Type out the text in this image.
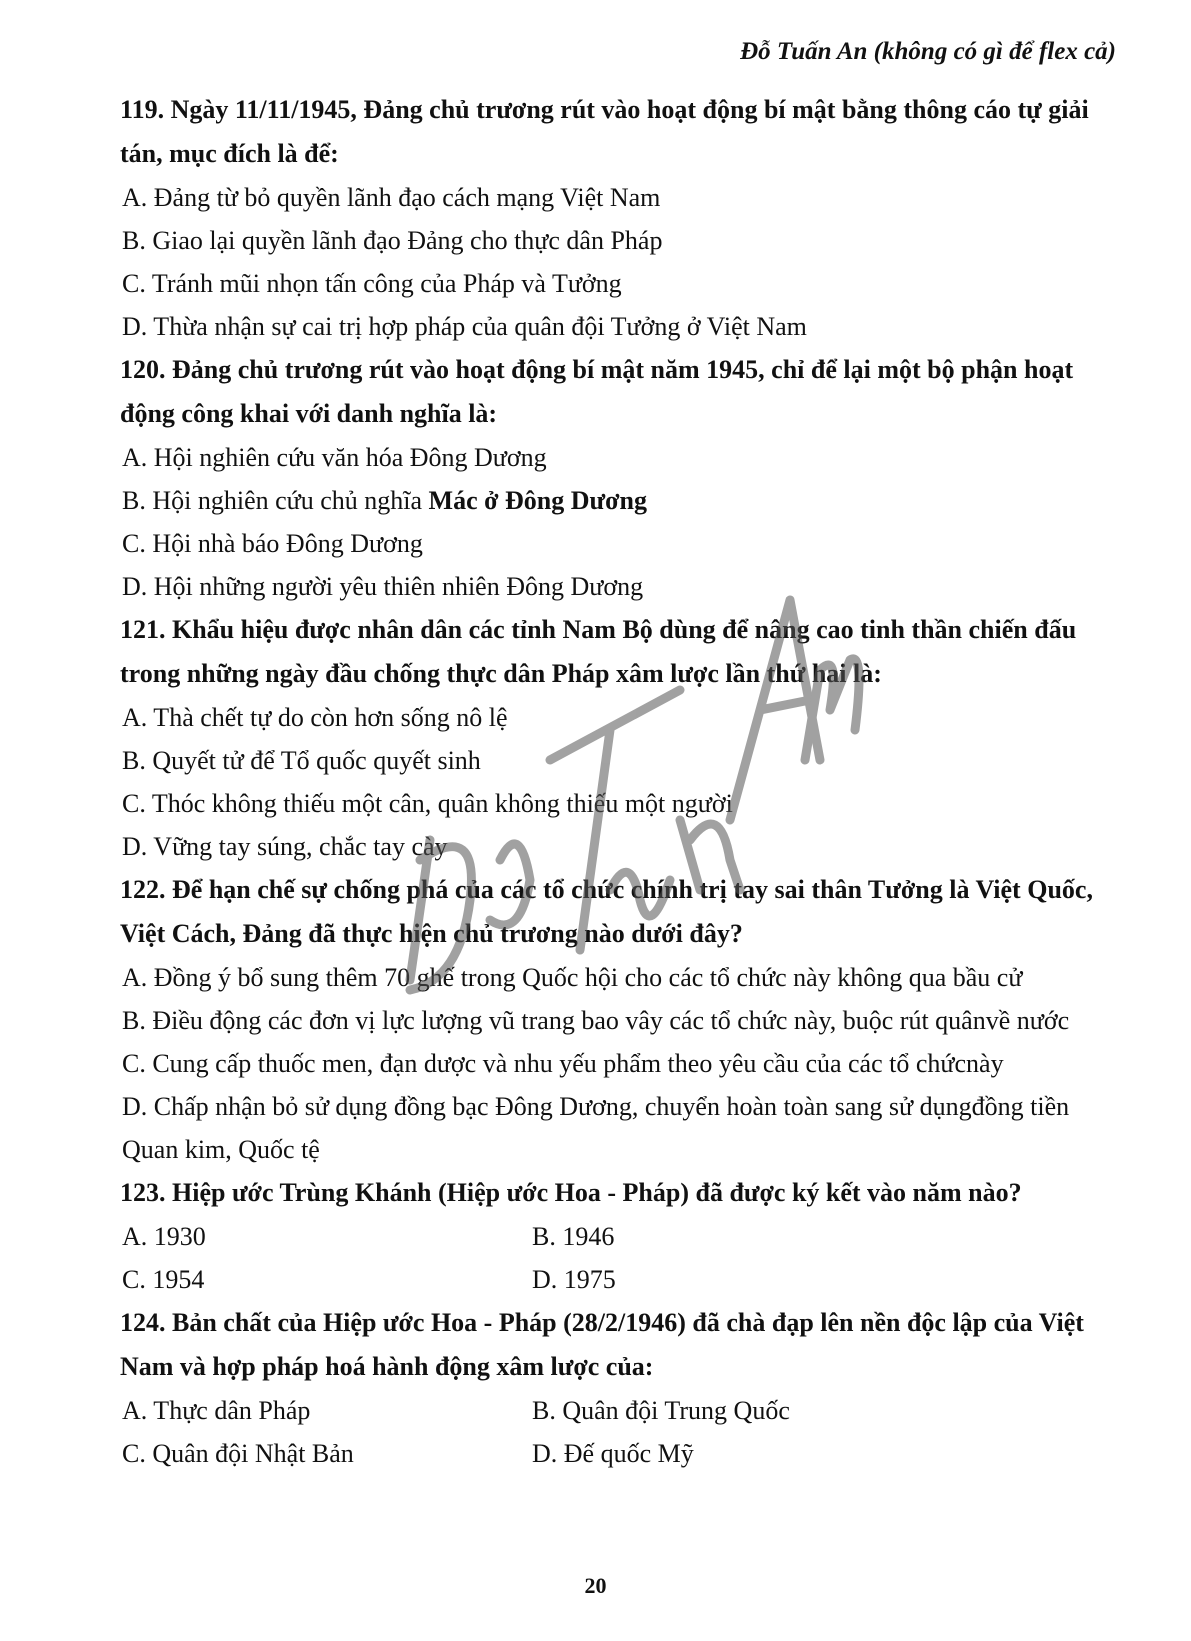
Đỗ Tuấn An (không có gì để flex cả)

119. Ngày 11/11/1945, Đảng chủ trương rút vào hoạt động bí mật bằng thông cáo tự giải tán, mục đích là để:

A. Đảng từ bỏ quyền lãnh đạo cách mạng Việt Nam

B. Giao lại quyền lãnh đạo Đảng cho thực dân Pháp

C. Tránh mũi nhọn tấn công của Pháp và Tưởng

D. Thừa nhận sự cai trị hợp pháp của quân đội Tưởng ở Việt Nam

120. Đảng chủ trương rút vào hoạt động bí mật năm 1945, chỉ để lại một bộ phận hoạt động công khai với danh nghĩa là:

A. Hội nghiên cứu văn hóa Đông Dương

B. Hội nghiên cứu chủ nghĩa Mác ở Đông Dương

C. Hội nhà báo Đông Dương

D. Hội những người yêu thiên nhiên Đông Dương

121. Khẩu hiệu được nhân dân các tỉnh Nam Bộ dùng để nâng cao tinh thần chiến đấu trong những ngày đầu chống thực dân Pháp xâm lược lần thứ hai là:

A. Thà chết tự do còn hơn sống nô lệ

B. Quyết tử để Tổ quốc quyết sinh

C. Thóc không thiếu một cân, quân không thiếu một người

D. Vững tay súng, chắc tay cày

122. Để hạn chế sự chống phá của các tổ chức chính trị tay sai thân Tưởng là Việt Quốc, Việt Cách, Đảng đã thực hiện chủ trương nào dưới đây?

A. Đồng ý bổ sung thêm 70 ghế trong Quốc hội cho các tổ chức này không qua bầu cử

B. Điều động các đơn vị lực lượng vũ trang bao vây các tổ chức này, buộc rút quânvề nước

C. Cung cấp thuốc men, đạn dược và nhu yếu phẩm theo yêu cầu của các tổ chứcnày

D. Chấp nhận bỏ sử dụng đồng bạc Đông Dương, chuyển hoàn toàn sang sử dụngđồng tiền Quan kim, Quốc tệ

123. Hiệp ước Trùng Khánh (Hiệp ước Hoa - Pháp) đã được ký kết vào năm nào?

A. 1930	B. 1946
C. 1954	D. 1975

124. Bản chất của Hiệp ước Hoa - Pháp (28/2/1946) đã chà đạp lên nền độc lập của Việt Nam và hợp pháp hoá hành động xâm lược của:

A. Thực dân Pháp	B. Quân đội Trung Quốc
C. Quân đội Nhật Bản	D. Đế quốc Mỹ
20
